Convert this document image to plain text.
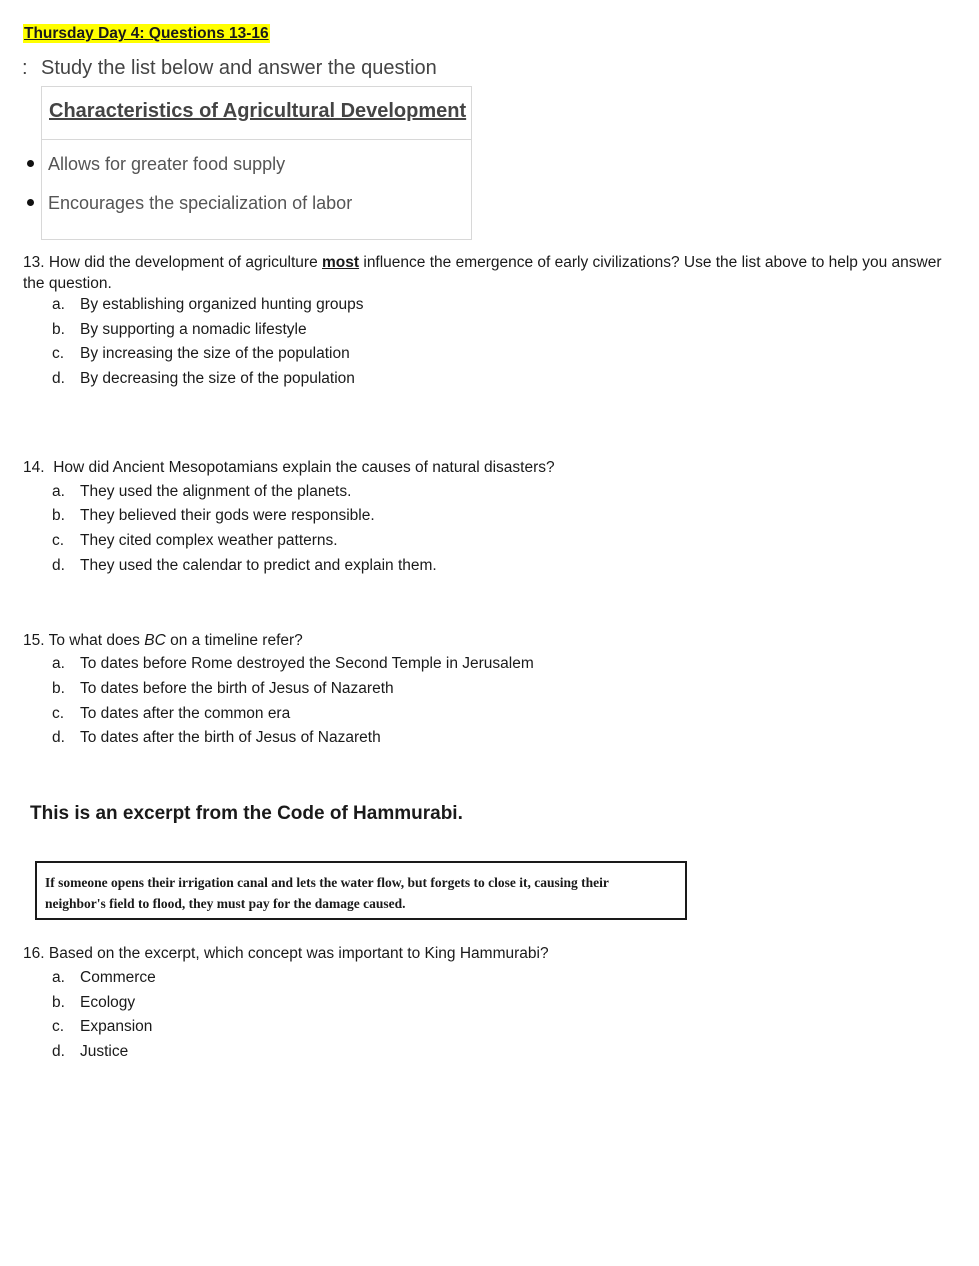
Thursday Day 4: Questions 13-16
: Study the list below and answer the question
Characteristics of Agricultural Development
Allows for greater food supply
Encourages the specialization of labor
13. How did the development of agriculture most influence the emergence of early civilizations? Use the list above to help you answer the question.
a. By establishing organized hunting groups
b. By supporting a nomadic lifestyle
c. By increasing the size of the population
d. By decreasing the size of the population
14. How did Ancient Mesopotamians explain the causes of natural disasters?
a. They used the alignment of the planets.
b. They believed their gods were responsible.
c. They cited complex weather patterns.
d. They used the calendar to predict and explain them.
15. To what does BC on a timeline refer?
a. To dates before Rome destroyed the Second Temple in Jerusalem
b. To dates before the birth of Jesus of Nazareth
c. To dates after the common era
d. To dates after the birth of Jesus of Nazareth
This is an excerpt from the Code of Hammurabi.
If someone opens their irrigation canal and lets the water flow, but forgets to close it, causing their
neighbor's field to flood, they must pay for the damage caused.
16. Based on the excerpt, which concept was important to King Hammurabi?
a. Commerce
b. Ecology
c. Expansion
d. Justice
